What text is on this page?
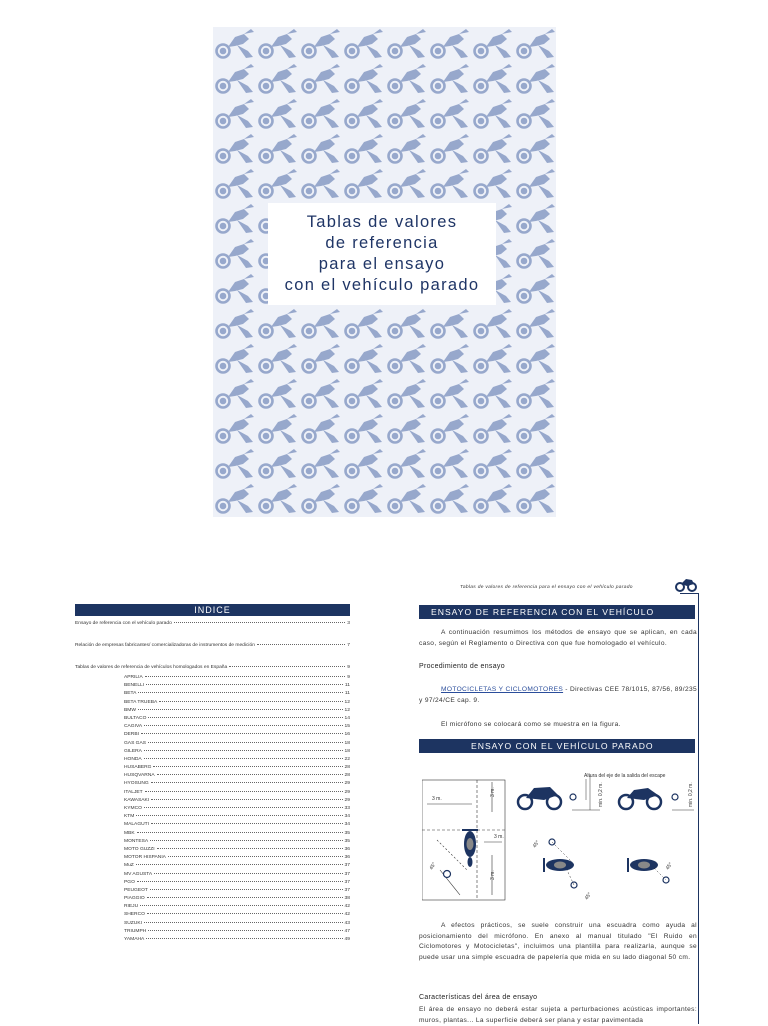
Tablas de valores
de referencia
para el ensayo
con el vehículo parado
INDICE
Ensayo de referencia con el vehículo parado	3
Relación de empresas fabricantes/ comercializadoras de instrumentos de medición	7
Tablas de valores de referencia de vehículos homologados en España	9
APRILIA	9
BENELLI	11
BETA	11
BETA TRUEBA	12
BMW	12
BULTACO	14
CAGIVA	15
DERBI	16
GAS GAS	18
GILERA	18
HONDA	22
HUSABERG	28
HUSQVARNA	28
HYOSUNG	29
ITALJET	29
KAWASAKI	29
KYMCO	33
KTM	34
MALAGUTI	34
MBK	35
MONTESA	35
MOTO GUZZI	36
MOTOR HISPANIA	36
MuZ	37
MV AGUSTA	37
PGO	37
PEUGEOT	37
PIAGGIO	38
RIEJU	42
SHERCO	42
SUZUKI	43
TRIUMPH	47
YAMAHA	49
Tablas de valores de referencia para el ensayo con el vehículo parado
ENSAYO DE REFERENCIA CON EL VEHÍCULO PARADO
A continuación resumimos los métodos de ensayo que se aplican, en cada caso, según el Reglamento o Directiva con que fue homologado el vehículo.
Procedimiento de ensayo
MOTOCICLETAS Y CICLOMOTORES - Directivas CEE 78/1015, 87/56, 89/235 y 97/24/CE cap. 9.
El micrófono se colocará como se muestra en la figura.
ENSAYO CON EL VEHÍCULO PARADO
3 m.
3 m.
3 m.
3 m.
45°
Altura del eje de la salida del escape
min. 0,2 m.	min. 0,2 m.
45°
45°
45°
A efectos prácticos, se suele construir una escuadra como ayuda al posicionamiento del micrófono. En anexo al manual titulado "El Ruido en Ciclomotores y Motocicletas", incluimos una plantilla para realizarla, aunque se puede usar una simple escuadra de papelería que mida en su lado diagonal 50 cm.
Características del área de ensayo
El área de ensayo no deberá estar sujeta a perturbaciones acústicas importantes: muros, plantas... La superficie deberá ser plana y estar pavimentada
